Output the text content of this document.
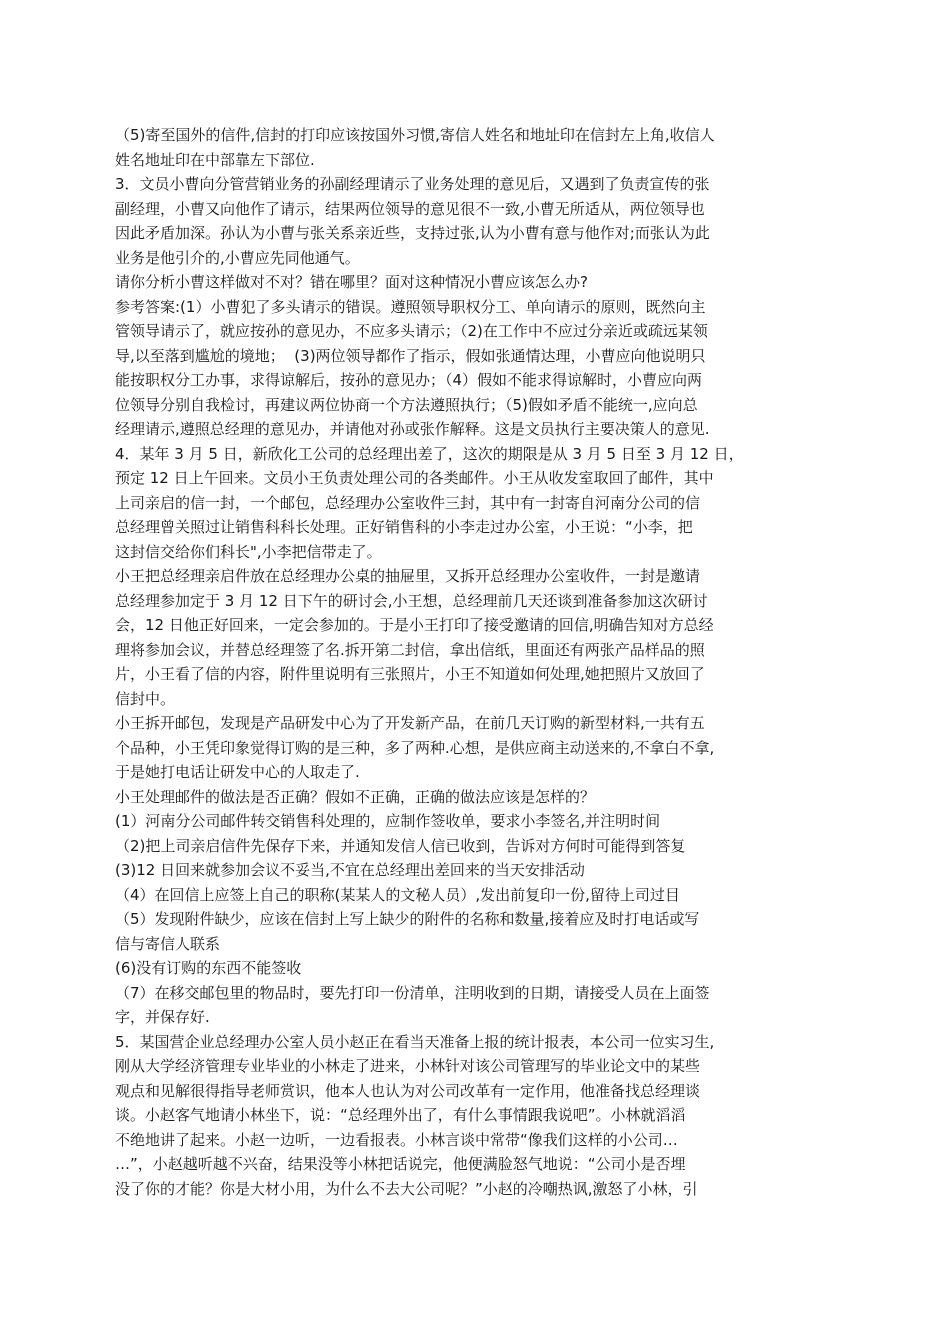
（5)寄至国外的信件,信封的打印应该按国外习惯,寄信人姓名和地址印在信封左上角,收信人

姓名地址印在中部靠左下部位.

3．文员小曹向分管营销业务的孙副经理请示了业务处理的意见后，又遇到了负责宣传的张

副经理，小曹又向他作了请示，结果两位领导的意见很不一致,小曹无所适从，两位领导也

因此矛盾加深。孙认为小曹与张关系亲近些，支持过张,认为小曹有意与他作对;而张认为此

业务是他引介的,小曹应先同他通气。

请你分析小曹这样做对不对？错在哪里？面对这种情况小曹应该怎么办?

参考答案:(1）小曹犯了多头请示的错误。遵照领导职权分工、单向请示的原则，既然向主

管领导请示了，就应按孙的意见办，不应多头请示；（2)在工作中不应过分亲近或疏远某领

导,以至落到尴尬的境地；  (3)两位领导都作了指示，假如张通情达理，小曹应向他说明只

能按职权分工办事，求得谅解后，按孙的意见办；（4）假如不能求得谅解时，小曹应向两

位领导分别自我检讨，再建议两位协商一个方法遵照执行；（5)假如矛盾不能统一,应向总

经理请示,遵照总经理的意见办，并请他对孙或张作解释。这是文员执行主要决策人的意见.

4．某年 3 月 5 日，新欣化工公司的总经理出差了，这次的期限是从 3 月 5 日至 3 月 12 日，

预定 12 日上午回来。文员小王负责处理公司的各类邮件。小王从收发室取回了邮件，其中

上司亲启的信一封，一个邮包，总经理办公室收件三封，其中有一封寄自河南分公司的信

总经理曾关照过让销售科科长处理。正好销售科的小李走过办公室，小王说：“小李，把

这封信交给你们科长",小李把信带走了。

小王把总经理亲启件放在总经理办公桌的抽屉里，又拆开总经理办公室收件，一封是邀请

总经理参加定于 3 月 12 日下午的研讨会,小王想，总经理前几天还谈到准备参加这次研讨

会，12 日他正好回来，一定会参加的。于是小王打印了接受邀请的回信,明确告知对方总经

理将参加会议，并替总经理签了名.拆开第二封信，拿出信纸，里面还有两张产品样品的照

片，小王看了信的内容，附件里说明有三张照片，小王不知道如何处理,她把照片又放回了

信封中。

小王拆开邮包，发现是产品研发中心为了开发新产品，在前几天订购的新型材料,一共有五

个品种，小王凭印象觉得订购的是三种，多了两种.心想，是供应商主动送来的,不拿白不拿,

于是她打电话让研发中心的人取走了.

小王处理邮件的做法是否正确？假如不正确，正确的做法应该是怎样的？

(1）河南分公司邮件转交销售科处理的，应制作签收单，要求小李签名,并注明时间

（2)把上司亲启信件先保存下来，并通知发信人信已收到，告诉对方何时可能得到答复

(3)12 日回来就参加会议不妥当,不宜在总经理出差回来的当天安排活动

（4）在回信上应签上自己的职称(某某人的文秘人员）,发出前复印一份,留待上司过目

（5）发现附件缺少，应该在信封上写上缺少的附件的名称和数量,接着应及时打电话或写

信与寄信人联系

(6)没有订购的东西不能签收

（7）在移交邮包里的物品时，要先打印一份清单，注明收到的日期，请接受人员在上面签

字，并保存好.

5．某国营企业总经理办公室人员小赵正在看当天准备上报的统计报表，本公司一位实习生,

刚从大学经济管理专业毕业的小林走了进来，小林针对该公司管理写的毕业论文中的某些

观点和见解很得指导老师赏识，他本人也认为对公司改革有一定作用，他准备找总经理谈

谈。小赵客气地请小林坐下，说：“总经理外出了，有什么事情跟我说吧”。小林就滔滔

不绝地讲了起来。小赵一边听，一边看报表。小林言谈中常带“像我们这样的小公司…

…”，小赵越听越不兴奋，结果没等小林把话说完，他便满脸怒气地说：“公司小是否埋

没了你的才能？你是大材小用，为什么不去大公司呢？”小赵的冷嘲热讽,激怒了小林，引
